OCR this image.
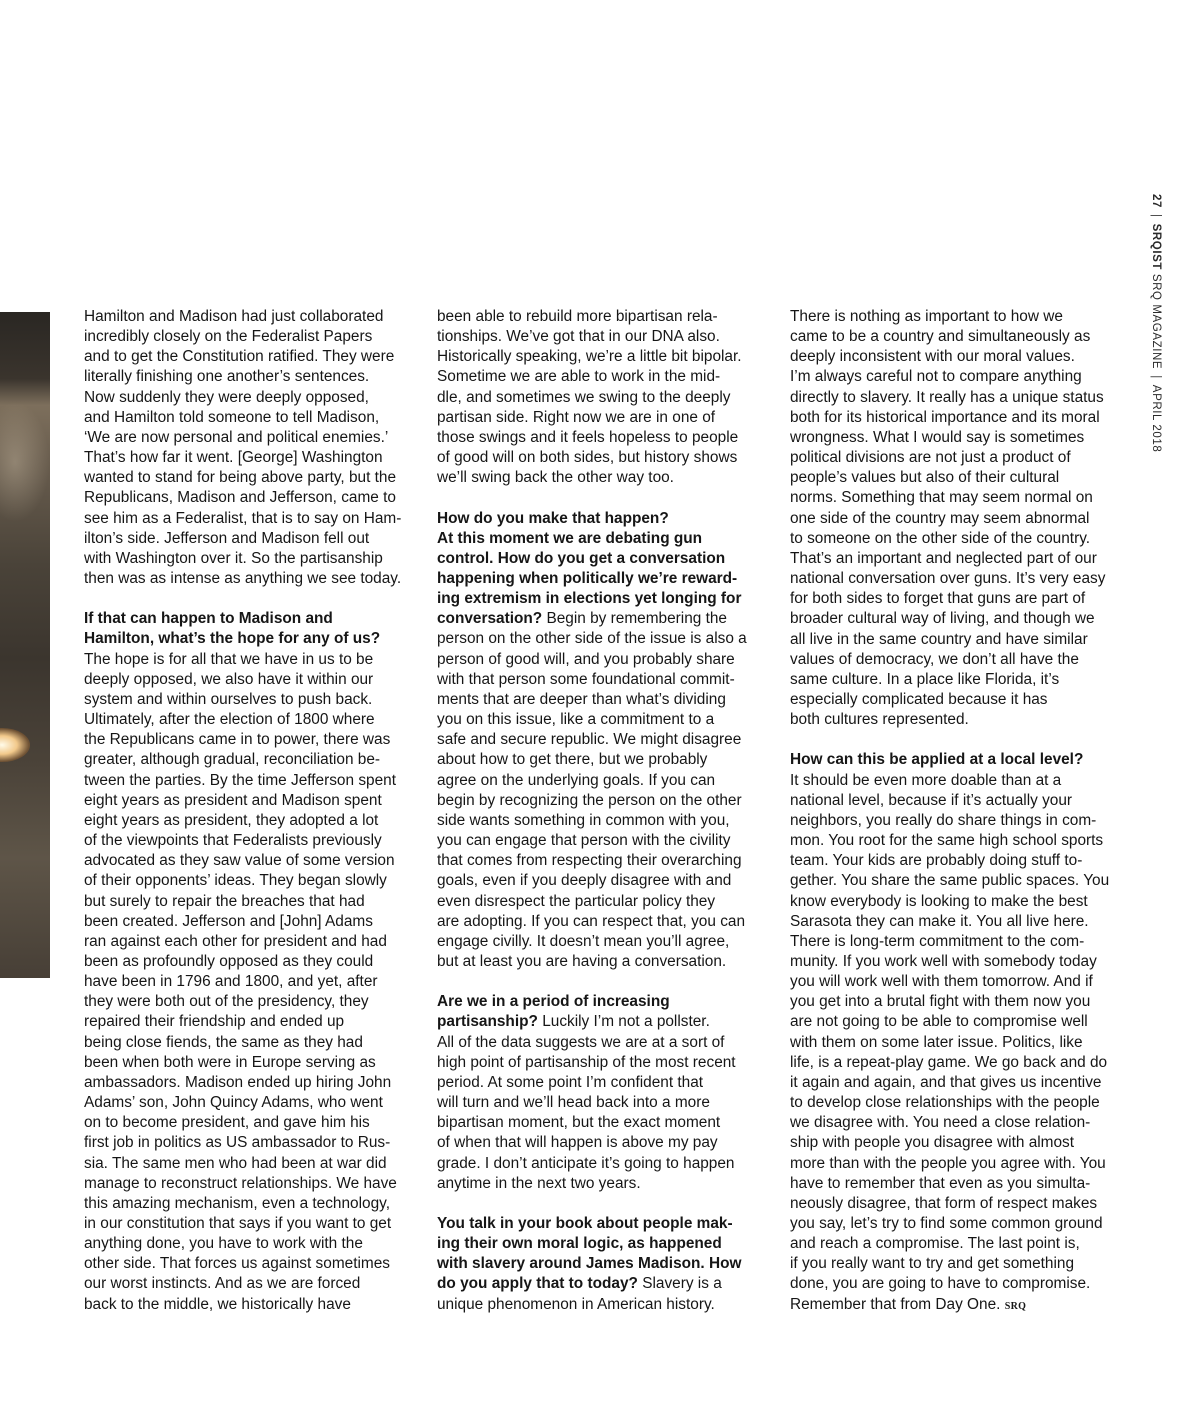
27|SRQIST SRQ MAGAZINE|APRIL 2018

Hamilton and Madison had just collaborated
incredibly closely on the Federalist Papers
and to get the Constitution ratified. They were
literally finishing one another’s sentences.
Now suddenly they were deeply opposed,
and Hamilton told someone to tell Madison,
‘We are now personal and political enemies.’
That’s how far it went. [George] Washington
wanted to stand for being above party, but the
Republicans, Madison and Jefferson, came to
see him as a Federalist, that is to say on Ham-
ilton’s side. Jefferson and Madison fell out
with Washington over it. So the partisanship
then was as intense as anything we see today.

If that can happen to Madison and
Hamilton, what’s the hope for any of us?

The hope is for all that we have in us to be
deeply opposed, we also have it within our
system and within ourselves to push back.
Ultimately, after the election of 1800 where
the Republicans came in to power, there was
greater, although gradual, reconciliation be-
tween the parties. By the time Jefferson spent
eight years as president and Madison spent
eight years as president, they adopted a lot
of the viewpoints that Federalists previously
advocated as they saw value of some version
of their opponents’ ideas. They began slowly
but surely to repair the breaches that had
been created. Jefferson and [John] Adams
ran against each other for president and had
been as profoundly opposed as they could
have been in 1796 and 1800, and yet, after
they were both out of the presidency, they
repaired their friendship and ended up
being close fiends, the same as they had
been when both were in Europe serving as
ambassadors. Madison ended up hiring John
Adams’ son, John Quincy Adams, who went
on to become president, and gave him his
first job in politics as US ambassador to Rus-
sia. The same men who had been at war did
manage to reconstruct relationships. We have
this amazing mechanism, even a technology,
in our constitution that says if you want to get
anything done, you have to work with the
other side. That forces us against sometimes
our worst instincts. And as we are forced
back to the middle, we historically have

been able to rebuild more bipartisan rela-
tionships. We’ve got that in our DNA also.
Historically speaking, we’re a little bit bipolar.
Sometime we are able to work in the mid-
dle, and sometimes we swing to the deeply
partisan side. Right now we are in one of
those swings and it feels hopeless to people
of good will on both sides, but history shows
we’ll swing back the other way too.

How do you make that happen?
At this moment we are debating gun
control. How do you get a conversation
happening when politically we’re reward-
ing extremism in elections yet longing for
conversation? Begin by remembering the
person on the other side of the issue is also a
person of good will, and you probably share
with that person some foundational commit-
ments that are deeper than what’s dividing
you on this issue, like a commitment to a
safe and secure republic. We might disagree
about how to get there, but we probably
agree on the underlying goals. If you can
begin by recognizing the person on the other
side wants something in common with you,
you can engage that person with the civility
that comes from respecting their overarching
goals, even if you deeply disagree with and
even disrespect the particular policy they
are adopting. If you can respect that, you can
engage civilly. It doesn’t mean you’ll agree,
but at least you are having a conversation.

Are we in a period of increasing
partisanship? Luckily I’m not a pollster.
All of the data suggests we are at a sort of
high point of partisanship of the most recent
period. At some point I’m confident that
will turn and we’ll head back into a more
bipartisan moment, but the exact moment
of when that will happen is above my pay
grade. I don’t anticipate it’s going to happen
anytime in the next two years.

You talk in your book about people mak-
ing their own moral logic, as happened
with slavery around James Madison. How
do you apply that to today? Slavery is a
unique phenomenon in American history.

There is nothing as important to how we
came to be a country and simultaneously as
deeply inconsistent with our moral values.
I’m always careful not to compare anything
directly to slavery. It really has a unique status
both for its historical importance and its moral
wrongness. What I would say is sometimes
political divisions are not just a product of
people’s values but also of their cultural
norms. Something that may seem normal on
one side of the country may seem abnormal
to someone on the other side of the country.
That’s an important and neglected part of our
national conversation over guns. It’s very easy
for both sides to forget that guns are part of
broader cultural way of living, and though we
all live in the same country and have similar
values of democracy, we don’t all have the
same culture. In a place like Florida, it’s
especially complicated because it has
both cultures represented.

How can this be applied at a local level?

It should be even more doable than at a
national level, because if it’s actually your
neighbors, you really do share things in com-
mon. You root for the same high school sports
team. Your kids are probably doing stuff to-
gether. You share the same public spaces. You
know everybody is looking to make the best
Sarasota they can make it. You all live here.
There is long-term commitment to the com-
munity. If you work well with somebody today
you will work well with them tomorrow. And if
you get into a brutal fight with them now you
are not going to be able to compromise well
with them on some later issue. Politics, like
life, is a repeat-play game. We go back and do
it again and again, and that gives us incentive
to develop close relationships with the people
we disagree with. You need a close relation-
ship with people you disagree with almost
more than with the people you agree with. You
have to remember that even as you simulta-
neously disagree, that form of respect makes
you say, let’s try to find some common ground
and reach a compromise. The last point is,
if you really want to try and get something
done, you are going to have to compromise.
Remember that from Day One. SRQ
